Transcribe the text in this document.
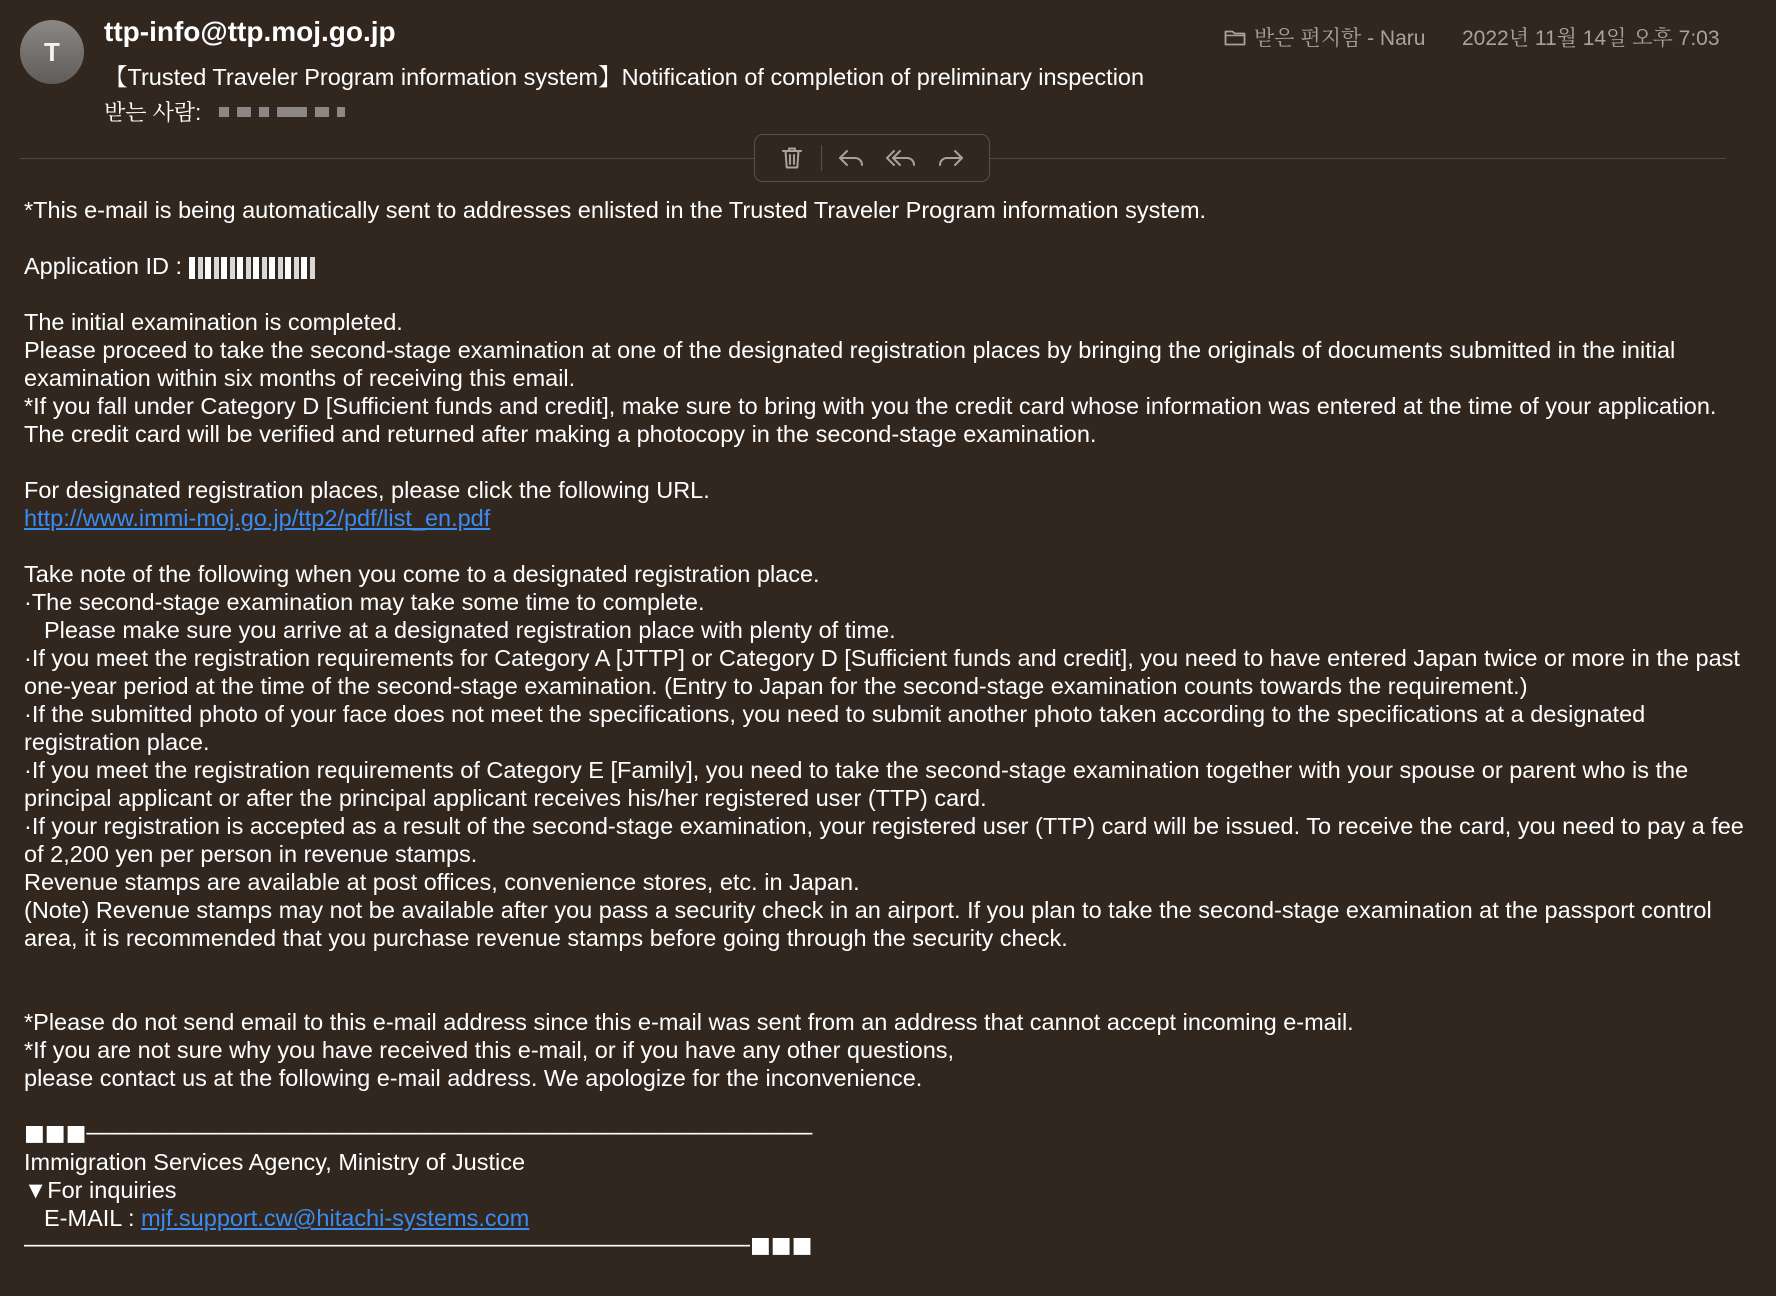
T
ttp-info@ttp.moj.go.jp
【Trusted Traveler Program information system】Notification of completion of preliminary inspection
받는 사람:
받은 편지함 - Naru 2022년 11월 14일 오후 7:03

*This e-mail is being automatically sent to addresses enlisted in the Trusted Traveler Program information system.

Application ID :

The initial examination is completed.

Please proceed to take the second-stage examination at one of the designated registration places by bringing the originals of documents submitted in the initial examination within six months of receiving this email.

*If you fall under Category D [Sufficient funds and credit], make sure to bring with you the credit card whose information was entered at the time of your application. The credit card will be verified and returned after making a photocopy in the second-stage examination.

For designated registration places, please click the following URL.

http://www.immi-moj.go.jp/ttp2/pdf/list_en.pdf

Take note of the following when you come to a designated registration place.

·The second-stage examination may take some time to complete.

Please make sure you arrive at a designated registration place with plenty of time.

·If you meet the registration requirements for Category A [JTTP] or Category D [Sufficient funds and credit], you need to have entered Japan twice or more in the past one-year period at the time of the second-stage examination. (Entry to Japan for the second-stage examination counts towards the requirement.)

·If the submitted photo of your face does not meet the specifications, you need to submit another photo taken according to the specifications at a designated registration place.

·If you meet the registration requirements of Category E [Family], you need to take the second-stage examination together with your spouse or parent who is the principal applicant or after the principal applicant receives his/her registered user (TTP) card.

·If your registration is accepted as a result of the second-stage examination, your registered user (TTP) card will be issued. To receive the card, you need to pay a fee of 2,200 yen per person in revenue stamps.

Revenue stamps are available at post offices, convenience stores, etc. in Japan.

(Note) Revenue stamps may not be available after you pass a security check in an airport. If you plan to take the second-stage examination at the passport control area, it is recommended that you purchase revenue stamps before going through the security check.

*Please do not send email to this e-mail address since this e-mail was sent from an address that cannot accept incoming e-mail.

*If you are not sure why you have received this e-mail, or if you have any other questions,

please contact us at the following e-mail address. We apologize for the inconvenience.

■■■―――――――――――――――――――――――――――――――――

Immigration Services Agency, Ministry of Justice

▼For inquiries

E-MAIL : mjf.support.cw@hitachi-systems.com

―――――――――――――――――――――――――――――――――■■■
